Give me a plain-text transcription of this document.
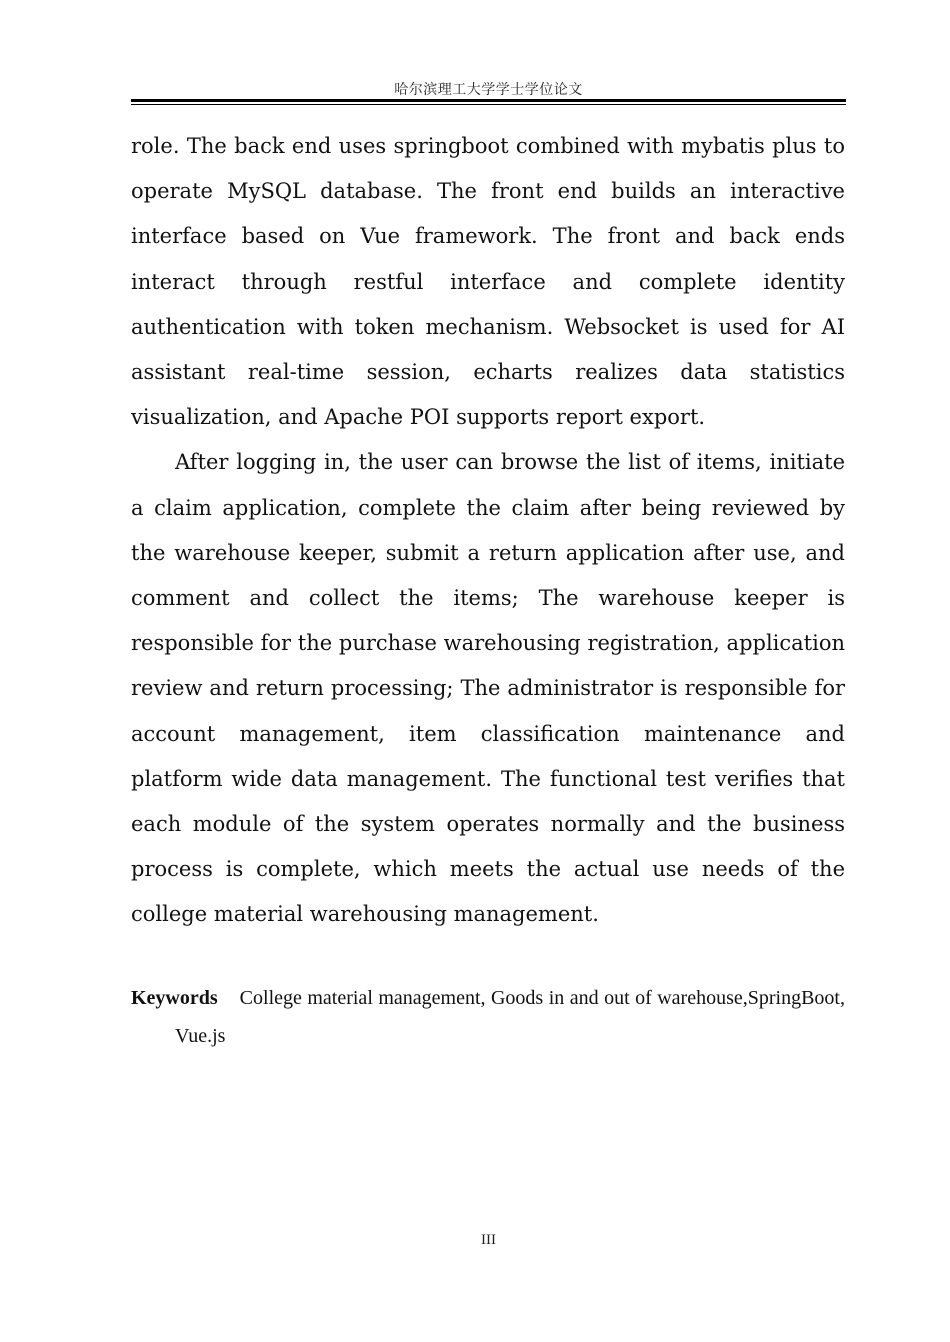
哈尔滨理工大学学士学位论文

role. The back end uses springboot combined with mybatis plus to operate MySQL database. The front end builds an interactive interface based on Vue framework. The front and back ends interact through restful interface and complete identity authentication with token mechanism. Websocket is used for AI assistant real-time session, echarts realizes data statistics visualization, and Apache POI supports report export.

After logging in, the user can browse the list of items, initiate a claim application, complete the claim after being reviewed by the warehouse keeper, submit a return application after use, and comment and collect the items; The warehouse keeper is responsible for the purchase warehousing registration, application review and return processing; The administrator is responsible for account management, item classification maintenance and platform wide data management. The functional test verifies that each module of the system operates normally and the business process is complete, which meets the actual use needs of the college material warehousing management.

Keywords College material management, Goods in and out of warehouse,SpringBoot, Vue.js
III
